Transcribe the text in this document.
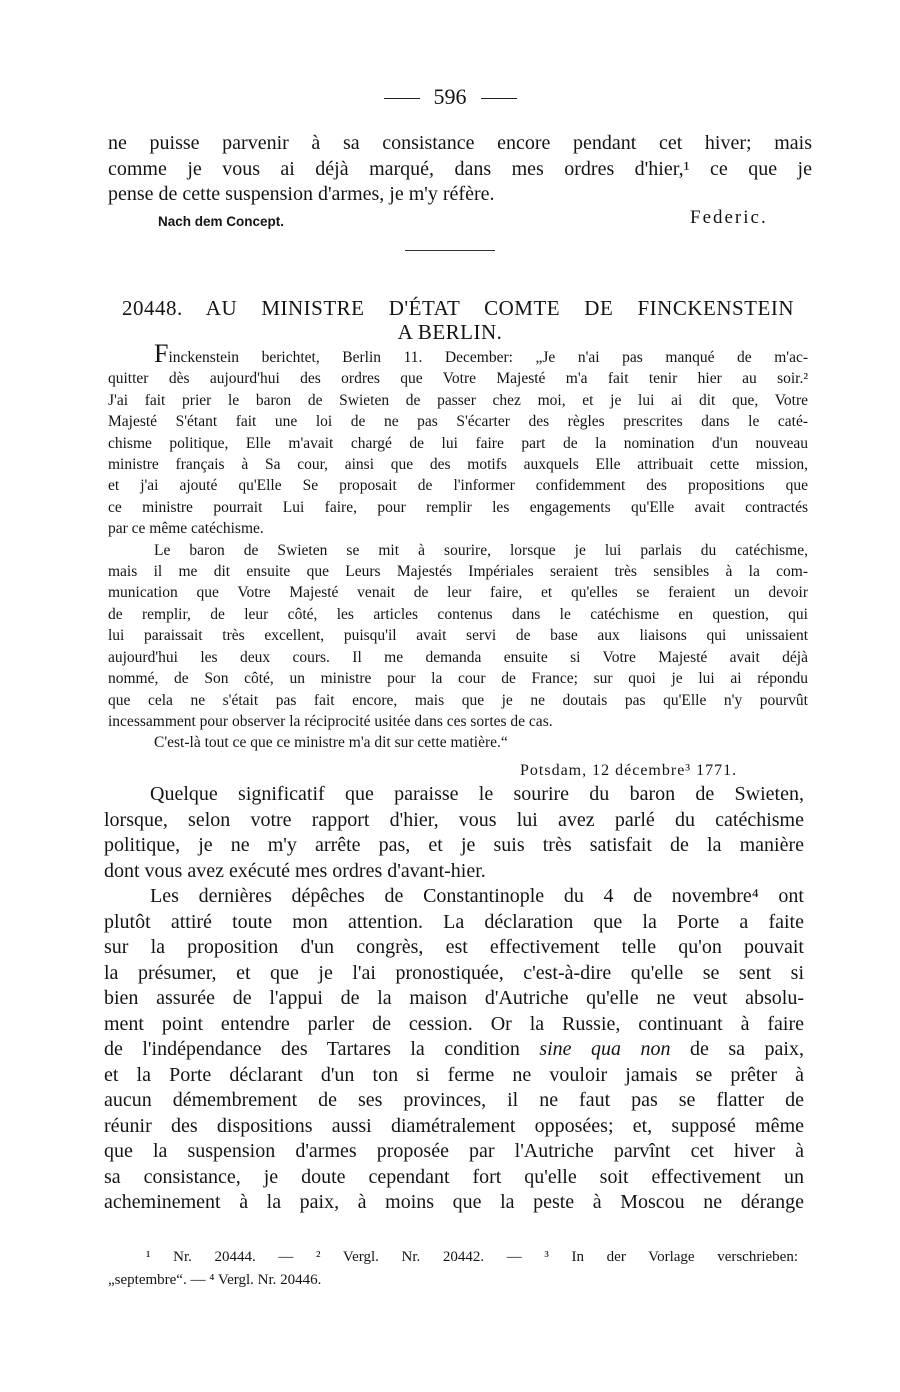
596
ne puisse parvenir à sa consistance encore pendant cet hiver; mais
comme je vous ai déjà marqué, dans mes ordres d'hier,¹ ce que je
pense de cette suspension d'armes, je m'y réfère.
Nach dem Concept.	Federic.
20448. AU MINISTRE D'ÉTAT COMTE DE FINCKENSTEIN
A BERLIN.
Finckenstein berichtet, Berlin 11. December: „Je n'ai pas manqué de m'ac-
quitter dès aujourd'hui des ordres que Votre Majesté m'a fait tenir hier au soir.²
J'ai fait prier le baron de Swieten de passer chez moi, et je lui ai dit que, Votre
Majesté S'étant fait une loi de ne pas S'écarter des règles prescrites dans le caté-
chisme politique, Elle m'avait chargé de lui faire part de la nomination d'un nouveau
ministre français à Sa cour, ainsi que des motifs auxquels Elle attribuait cette mission,
et j'ai ajouté qu'Elle Se proposait de l'informer confidemment des propositions que
ce ministre pourrait Lui faire, pour remplir les engagements qu'Elle avait contractés
par ce même catéchisme.
Le baron de Swieten se mit à sourire, lorsque je lui parlais du catéchisme,
mais il me dit ensuite que Leurs Majestés Impériales seraient très sensibles à la com-
munication que Votre Majesté venait de leur faire, et qu'elles se feraient un devoir
de remplir, de leur côté, les articles contenus dans le catéchisme en question, qui
lui paraissait très excellent, puisqu'il avait servi de base aux liaisons qui unissaient
aujourd'hui les deux cours. Il me demanda ensuite si Votre Majesté avait déjà
nommé, de Son côté, un ministre pour la cour de France; sur quoi je lui ai répondu
que cela ne s'était pas fait encore, mais que je ne doutais pas qu'Elle n'y pourvût
incessamment pour observer la réciprocité usitée dans ces sortes de cas.
C'est-là tout ce que ce ministre m'a dit sur cette matière.“
Potsdam, 12 décembre³ 1771.
Quelque significatif que paraisse le sourire du baron de Swieten,
lorsque, selon votre rapport d'hier, vous lui avez parlé du catéchisme
politique, je ne m'y arrête pas, et je suis très satisfait de la manière
dont vous avez exécuté mes ordres d'avant-hier.
Les dernières dépêches de Constantinople du 4 de novembre⁴ ont
plutôt attiré toute mon attention. La déclaration que la Porte a faite
sur la proposition d'un congrès, est effectivement telle qu'on pouvait
la présumer, et que je l'ai pronostiquée, c'est-à-dire qu'elle se sent si
bien assurée de l'appui de la maison d'Autriche qu'elle ne veut absolu-
ment point entendre parler de cession. Or la Russie, continuant à faire
de l'indépendance des Tartares la condition sine qua non de sa paix,
et la Porte déclarant d'un ton si ferme ne vouloir jamais se prêter à
aucun démembrement de ses provinces, il ne faut pas se flatter de
réunir des dispositions aussi diamétralement opposées; et, supposé même
que la suspension d'armes proposée par l'Autriche parvînt cet hiver à
sa consistance, je doute cependant fort qu'elle soit effectivement un
acheminement à la paix, à moins que la peste à Moscou ne dérange
¹ Nr. 20444. — ² Vergl. Nr. 20442. — ³ In der Vorlage verschrieben:
„septembre“. — ⁴ Vergl. Nr. 20446.
